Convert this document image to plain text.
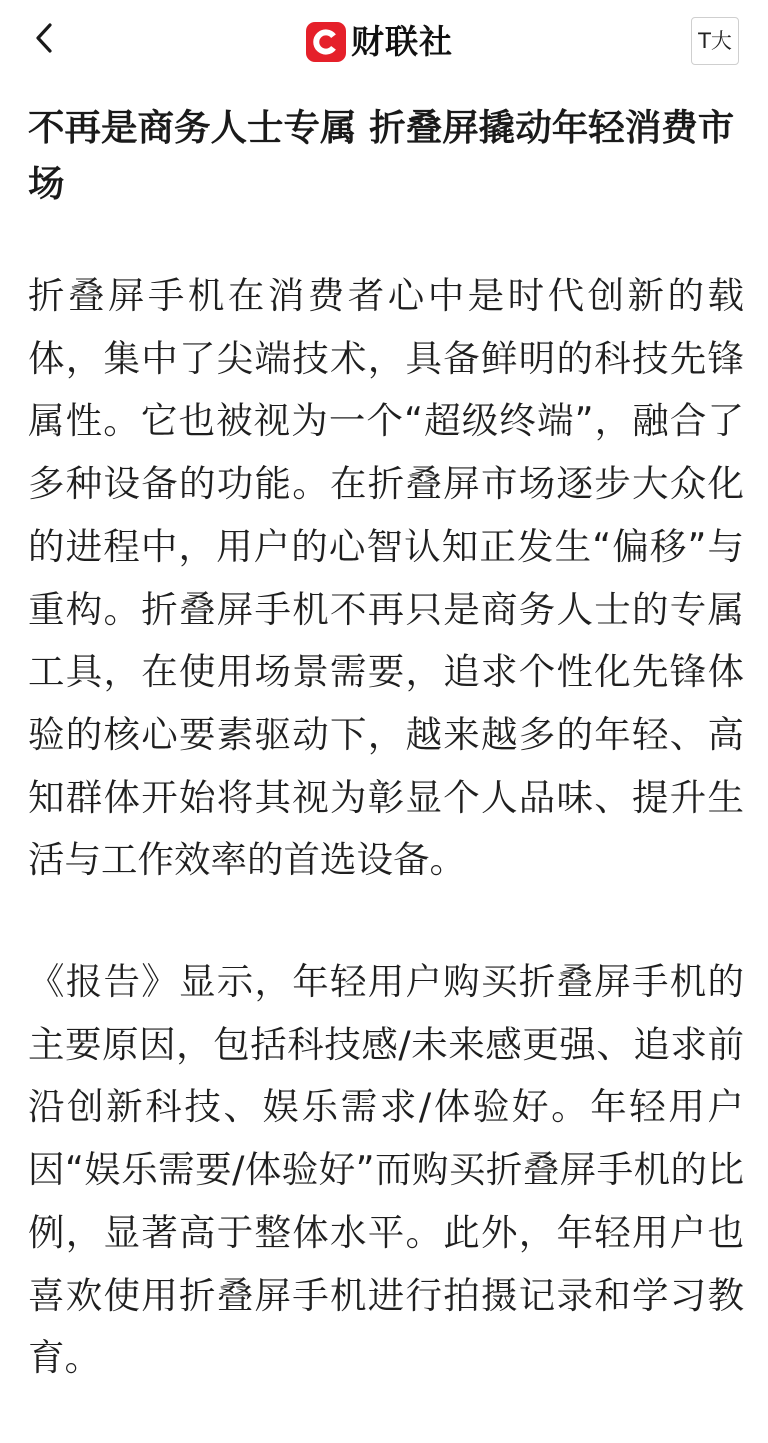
财联社	T大
不再是商务人士专属 折叠屏撬动年轻消费市场

折叠屏手机在消费者心中是时代创新的载体，集中了尖端技术，具备鲜明的科技先锋属性。它也被视为一个“超级终端”，融合了多种设备的功能。在折叠屏市场逐步大众化的进程中，用户的心智认知正发生“偏移”与重构。折叠屏手机不再只是商务人士的专属工具，在使用场景需要，追求个性化先锋体验的核心要素驱动下，越来越多的年轻、高知群体开始将其视为彰显个人品味、提升生活与工作效率的首选设备。

《报告》显示，年轻用户购买折叠屏手机的主要原因，包括科技感/未来感更强、追求前沿创新科技、娱乐需求/体验好。年轻用户因“娱乐需要/体验好”而购买折叠屏手机的比例，显著高于整体水平。此外，年轻用户也喜欢使用折叠屏手机进行拍摄记录和学习教育。
